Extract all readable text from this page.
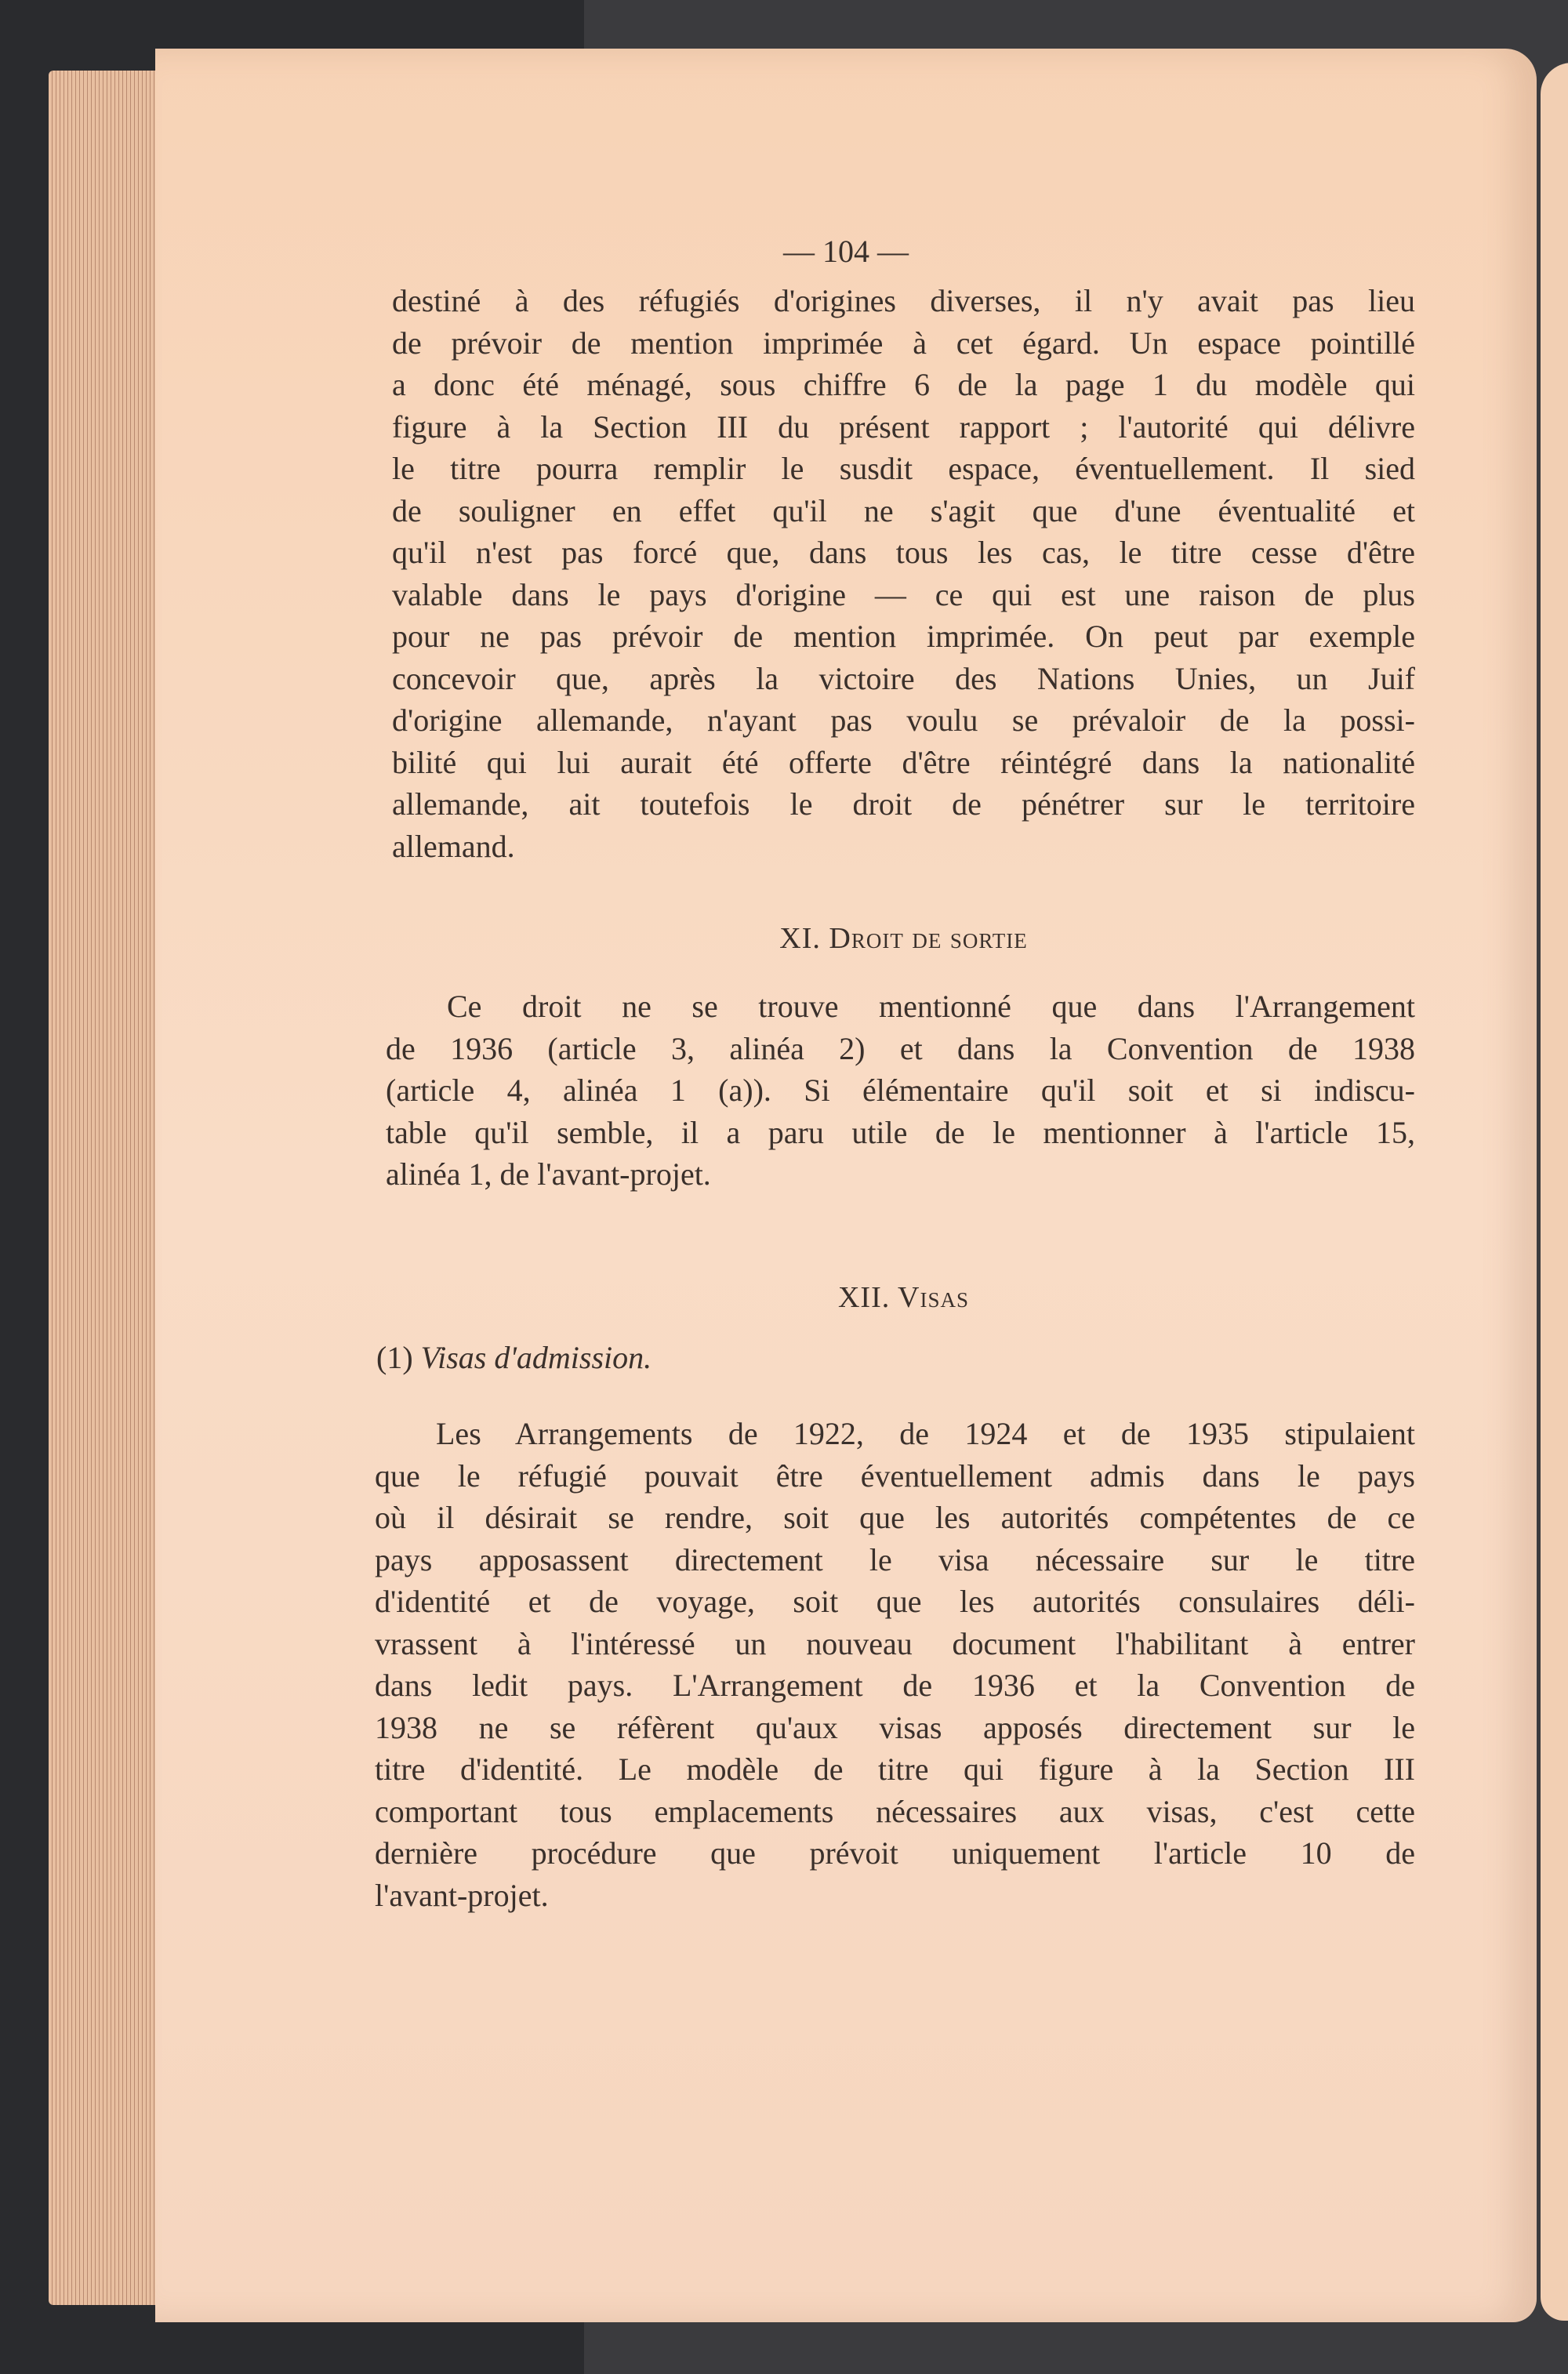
— 104 —
destiné à des réfugiés d'origines diverses, il n'y avait pas lieu
de prévoir de mention imprimée à cet égard. Un espace pointillé
a donc été ménagé, sous chiffre 6 de la page 1 du modèle qui
figure à la Section III du présent rapport ; l'autorité qui délivre
le titre pourra remplir le susdit espace, éventuellement. Il sied
de souligner en effet qu'il ne s'agit que d'une éventualité et
qu'il n'est pas forcé que, dans tous les cas, le titre cesse d'être
valable dans le pays d'origine — ce qui est une raison de plus
pour ne pas prévoir de mention imprimée. On peut par exemple
concevoir que, après la victoire des Nations Unies, un Juif
d'origine allemande, n'ayant pas voulu se prévaloir de la possi-
bilité qui lui aurait été offerte d'être réintégré dans la nationalité
allemande, ait toutefois le droit de pénétrer sur le territoire
allemand.
XI. Droit de sortie
Ce droit ne se trouve mentionné que dans l'Arrangement
de 1936 (article 3, alinéa 2) et dans la Convention de 1938
(article 4, alinéa 1 (a)). Si élémentaire qu'il soit et si indiscu-
table qu'il semble, il a paru utile de le mentionner à l'article 15,
alinéa 1, de l'avant-projet.
XII. Visas
(1) Visas d'admission.
Les Arrangements de 1922, de 1924 et de 1935 stipulaient
que le réfugié pouvait être éventuellement admis dans le pays
où il désirait se rendre, soit que les autorités compétentes de ce
pays apposassent directement le visa nécessaire sur le titre
d'identité et de voyage, soit que les autorités consulaires déli-
vrassent à l'intéressé un nouveau document l'habilitant à entrer
dans ledit pays. L'Arrangement de 1936 et la Convention de
1938 ne se réfèrent qu'aux visas apposés directement sur le
titre d'identité. Le modèle de titre qui figure à la Section III
comportant tous emplacements nécessaires aux visas, c'est cette
dernière procédure que prévoit uniquement l'article 10 de
l'avant-projet.
